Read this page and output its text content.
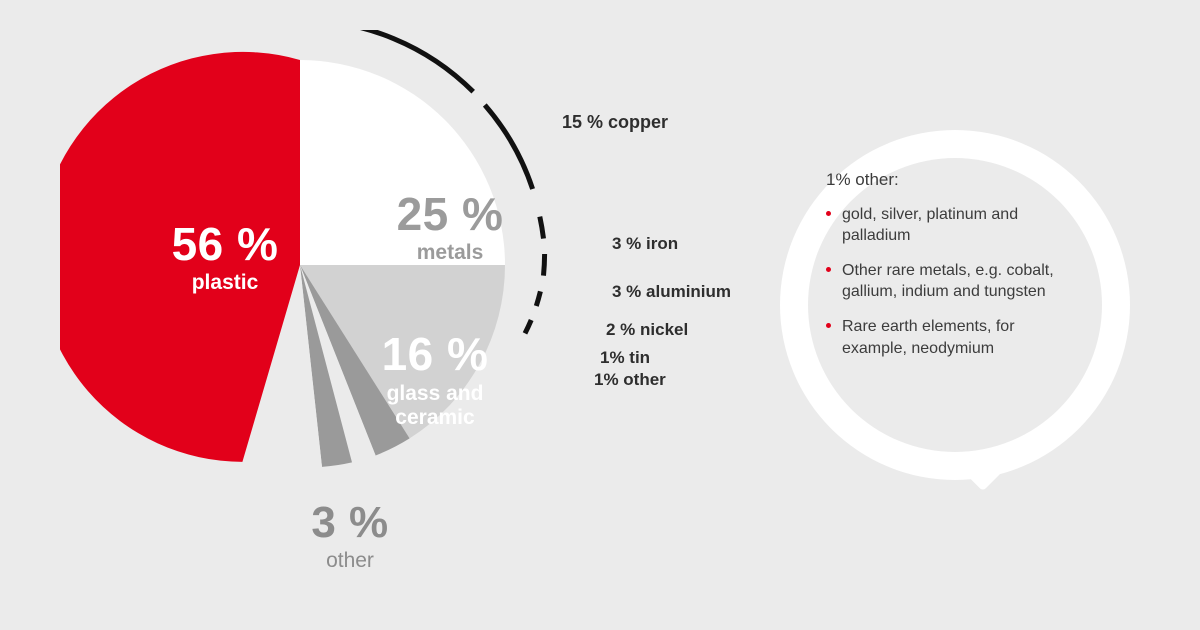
56 %
plastic
25 %
metals
16 %
glass and
ceramic
3 %
other
15 % copper
3 % iron
3 % aluminium
2 % nickel
1% tin
1% other
1% other:
gold, silver, platinum and palladium
Other rare metals, e.g. cobalt, gallium, indium and tungsten
Rare earth elements, for example, neodymium
